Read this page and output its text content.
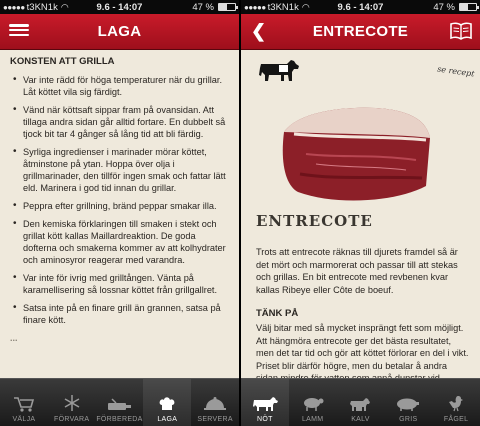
●●●●● t3KN1k ◠	9.6 - 14:07	47 %
LAGA
KONSTEN ATT GRILLA
• Var inte rädd för höga temperaturer när du grillar. Låt köttet vila sig färdigt.
• Vänd när köttsaft sippar fram på ovansidan. Att tillaga andra sidan går alltid fortare. En dubbelt så tjock bit tar 4 gånger så lång tid att bli färdig.
• Syrliga ingredienser i marinader mörar köttet, åtminstone på ytan. Hoppa över olja i grillmarinader, den tillför ingen smak och fattar lätt eld. Marinera i god tid innan du grillar.
• Peppra efter grillning, bränd peppar smakar illa.
• Den kemiska förklaringen till smaken i stekt och grillat kött kallas Maillardreaktion. De goda dofterna och smakerna kommer av att kolhydrater och aminosyror reagerar med varandra.
• Var inte för ivrig med grilltången. Vänta på karamellisering så lossnar köttet från grillgallret.
• Satsa inte på en finare grill än grannen, satsa på finare kött.
...
VÄLJA	FÖRVARA FÖRBEREDA LAGA	SERVERA
●●●●● t3KN1k ◠	9.6 - 14:07	47 %
❮	ENTRECOTE
se recept
ENTRECOTE

Trots att entrecote räknas till djurets framdel så är det mört och marmorerat och passar till att stekas och grillas. En bit entrecote med revbenen kvar kallas Ribeye eller Côte de boeuf.

TÄNK PÅ

Välj bitar med så mycket insprängt fett som möjligt. Att hängmöra entrecote ger det bästa resultatet, men det tar tid och gör att köttet förlorar en del i vikt. Priset blir därför högre, men du betalar å andra

NÖT	LAMM	KALV	GRIS	FÅGEL
